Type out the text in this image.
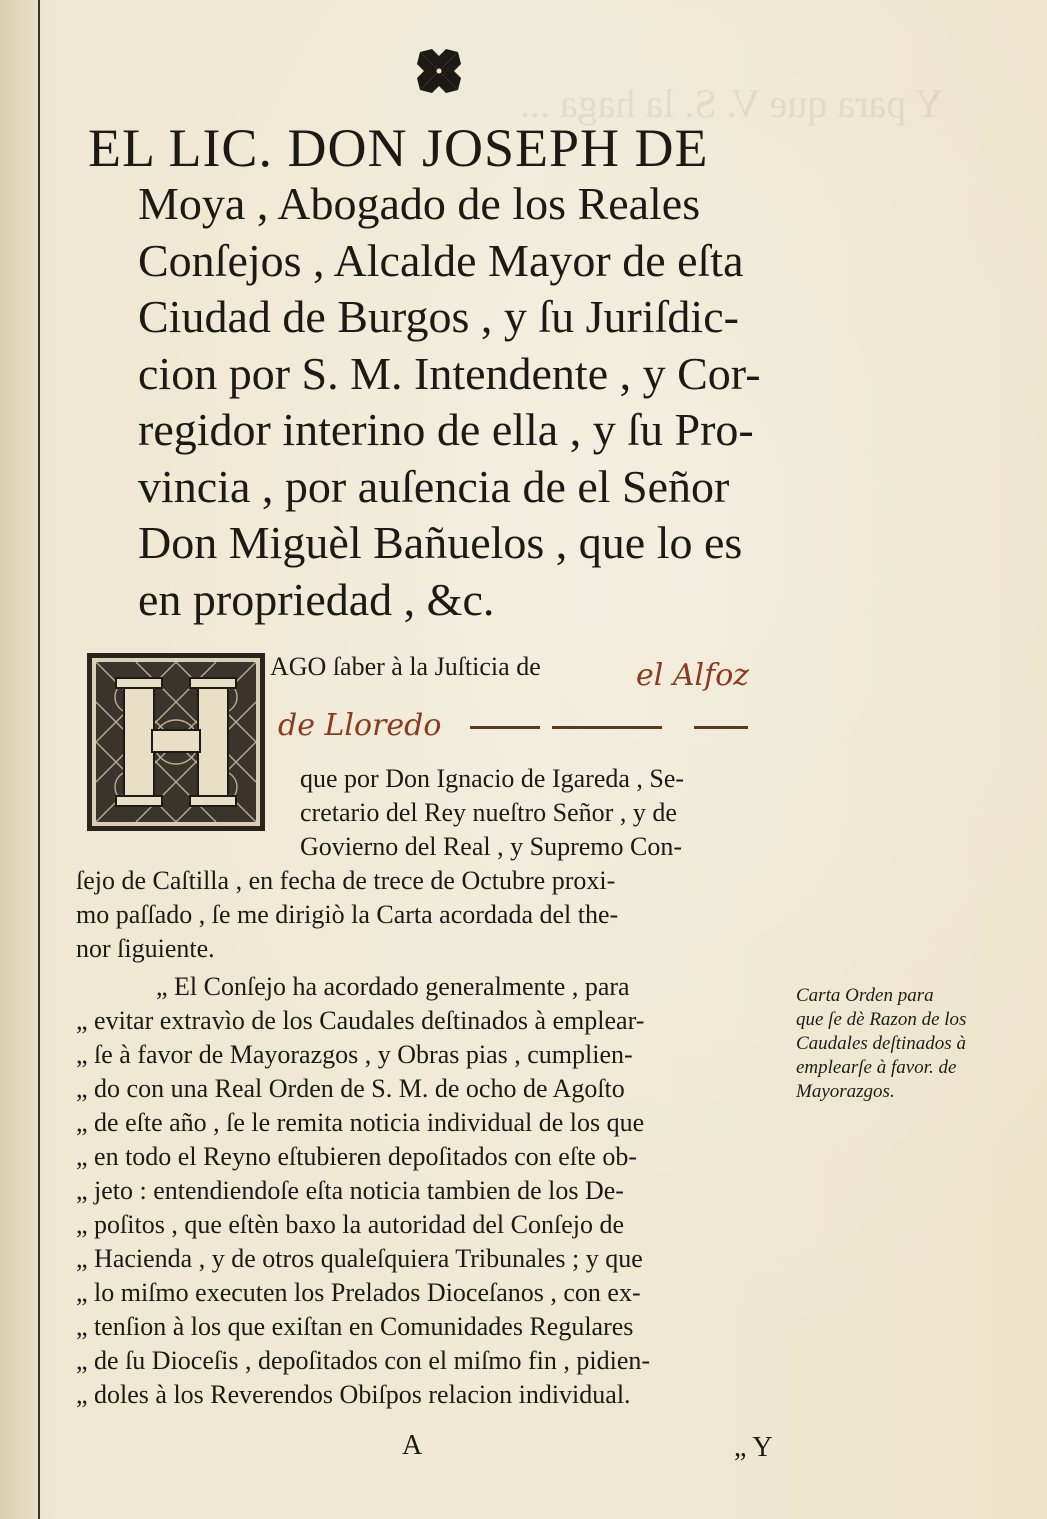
Y para que V. S. la haga ...
EL LIC. DON JOSEPH DE
Moya , Abogado de los Reales
Conſejos , Alcalde Mayor de eſta
Ciudad de Burgos , y ſu Juriſdic-
cion por S. M. Intendente , y Cor-
regidor interino de ella , y ſu Pro-
vincia , por auſencia de el Señor
Don Miguèl Bañuelos , que lo es
en propriedad , &c.
AGO ſaber à la Juſticia de	el Alfoz
de Lloredo
que por Don Ignacio de Igareda , Se-
cretario del Rey nueſtro Señor , y de
Govierno del Real , y Supremo Con-
ſejo de Caſtilla , en fecha de trece de Octubre proxi-
mo paſſado , ſe me dirigiò la Carta acordada del the-
nor ſiguiente.
„ El Conſejo ha acordado generalmente , para
„ evitar extravìo de los Caudales deſtinados à emplear-
„ ſe à favor de Mayorazgos , y Obras pias , cumplien-
„ do con una Real Orden de S. M. de ocho de Agoſto
„ de eſte año , ſe le remita noticia individual de los que
„ en todo el Reyno eſtubieren depoſitados con eſte ob-
„ jeto : entendiendoſe eſta noticia tambien de los De-
„ poſitos , que eſtèn baxo la autoridad del Conſejo de
„ Hacienda , y de otros qualeſquiera Tribunales ; y que
„ lo miſmo executen los Prelados Dioceſanos , con ex-
„ tenſion à los que exiſtan en Comunidades Regulares
„ de ſu Dioceſis , depoſitados con el miſmo fin , pidien-
„ doles à los Reverendos Obiſpos relacion individual.
Carta Orden para
que ſe dè Razon de los
Caudales deſtinados à
emplearſe à favor. de
Mayorazgos.
A	„ Y
